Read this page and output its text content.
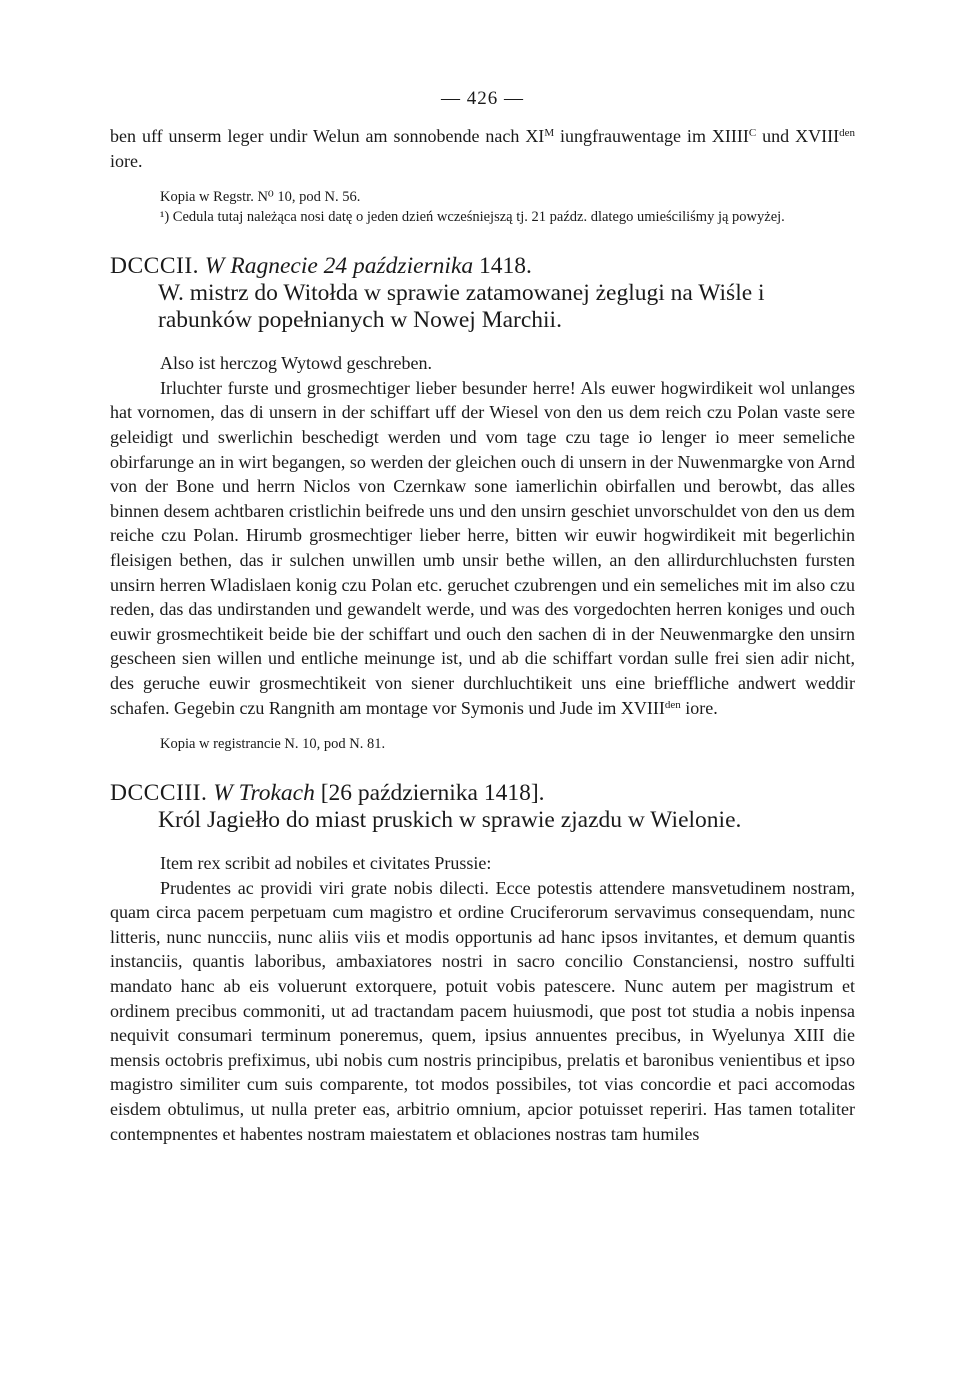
— 426 —

ben uff unserm leger undir Welun am sonnobende nach $XI^M$ iungfrauwentage im $XIIII^C$ und $XVIII^{den}$ iore.

Kopia w Regstr. N⁰ 10, pod N. 56.

¹) Cedula tutaj należąca nosi datę o jeden dzień wcześniejszą tj. 21 paźdz. dlatego umieściliśmy ją powyżej.

DCCCII. W Ragnecie 24 października 1418.
W. mistrz do Witołda w sprawie zatamowanej żeglugi na Wiśle i rabunków popełnianych w Nowej Marchii.

Also ist herczog Wytowd geschreben.

Irluchter furste und grosmechtiger lieber besunder herre! Als euwer hogwirdikeit wol unlanges hat vornomen, das di unsern in der schiffart uff der Wiesel von den us dem reich czu Polan vaste sere geleidigt und swerlichin beschedigt werden und vom tage czu tage io lenger io meer semeliche obirfarunge an in wirt begangen, so werden der gleichen ouch di unsern in der Nuwenmargke von Arnd von der Bone und herrn Niclos von Czernkaw sone iamerlichin obirfallen und berowbt, das alles binnen desem achtbaren cristlichin beifrede uns und den unsirn geschiet unvorschuldet von den us dem reiche czu Polan. Hirumb grosmechtiger lieber herre, bitten wir euwir hogwirdikeit mit begerlichin fleisigen bethen, das ir sulchen unwillen umb unsir bethe willen, an den allirdurchluchsten fursten unsirn herren Wladislaen konig czu Polan etc. geruchet czubrengen und ein semeliches mit im also czu reden, das das undirstanden und gewandelt werde, und was des vorgedochten herren koniges und ouch euwir grosmechtikeit beide bie der schiffart und ouch den sachen di in der Neuwenmargke den unsirn gescheen sien willen und entliche meinunge ist, und ab die schiffart vordan sulle frei sien adir nicht, des geruche euwir grosmechtikeit von siener durchluchtikeit uns eine brieffliche andwert weddir schafen. Gegebin czu Rangnith am montage vor Symonis und Jude im $XVIII^{den}$ iore.

Kopia w registrancie N. 10, pod N. 81.
DCCCIII. W Trokach [26 października 1418].
Król Jagiełło do miast pruskich w sprawie zjazdu w Wielonie.

Item rex scribit ad nobiles et civitates Prussie:

Prudentes ac providi viri grate nobis dilecti. Ecce potestis attendere mansvetudinem nostram, quam circa pacem perpetuam cum magistro et ordine Cruciferorum servavimus consequendam, nunc litteris, nunc nuncciis, nunc aliis viis et modis opportunis ad hanc ipsos invitantes, et demum quantis instanciis, quantis laboribus, ambaxiatores nostri in sacro concilio Constanciensi, nostro suffulti mandato hanc ab eis voluerunt extorquere, potuit vobis patescere. Nunc autem per magistrum et ordinem precibus commoniti, ut ad tractandam pacem huiusmodi, que post tot studia a nobis inpensa nequivit consumari terminum poneremus, quem, ipsius annuentes precibus, in Wyelunya XIII die mensis octobris prefiximus, ubi nobis cum nostris principibus, prelatis et baronibus venientibus et ipso magistro similiter cum suis comparente, tot modos possibiles, tot vias concordie et paci accomodas eisdem obtulimus, ut nulla preter eas, arbitrio omnium, apcior potuisset reperiri. Has tamen totaliter contempnentes et habentes nostram maiestatem et oblaciones nostras tam humiles
